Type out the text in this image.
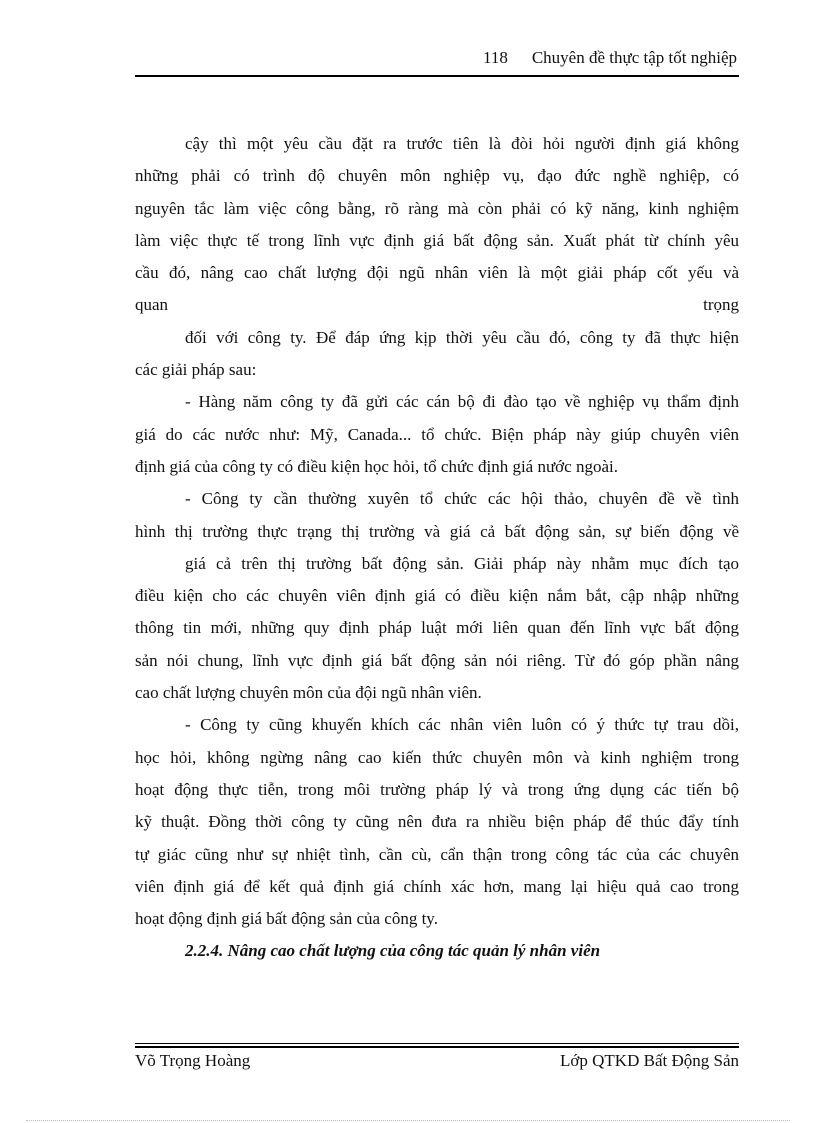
118 Chuyên đề thực tập tốt nghiệp
cậy thì một yêu cầu đặt ra trước tiên là đòi hỏi người định giá không
những phải có trình độ chuyên môn nghiệp vụ, đạo đức nghề nghiệp, có
nguyên tắc làm việc công bằng, rõ ràng mà còn phải có kỹ năng, kinh nghiệm
làm việc thực tế trong lĩnh vực định giá bất động sản. Xuất phát từ chính yêu
cầu đó, nâng cao chất lượng đội ngũ nhân viên là một giải pháp cốt yếu và
quan trọng
đối với công ty. Để đáp ứng kịp thời yêu cầu đó, công ty đã thực hiện
các giải pháp sau:
- Hàng năm công ty đã gửi các cán bộ đi đào tạo về nghiệp vụ thẩm định
giá do các nước như: Mỹ, Canada... tổ chức. Biện pháp này giúp chuyên viên
định giá của công ty có điều kiện học hỏi, tổ chức định giá nước ngoài.
- Công ty cần thường xuyên tổ chức các hội thảo, chuyên đề về tình
hình thị trường thực trạng thị trường và giá cả bất động sản, sự biến động về
giá cả trên thị trường bất động sản. Giải pháp này nhằm mục đích tạo
điều kiện cho các chuyên viên định giá có điều kiện nắm bắt, cập nhập những
thông tin mới, những quy định pháp luật mới liên quan đến lĩnh vực bất động
sản nói chung, lĩnh vực định giá bất động sản nói riêng. Từ đó góp phần nâng
cao chất lượng chuyên môn của đội ngũ nhân viên.
- Công ty cũng khuyến khích các nhân viên luôn có ý thức tự trau dồi,
học hỏi, không ngừng nâng cao kiến thức chuyên môn và kinh nghiệm trong
hoạt động thực tiễn, trong môi trường pháp lý và trong ứng dụng các tiến bộ
kỹ thuật. Đồng thời công ty cũng nên đưa ra nhiều biện pháp để thúc đẩy tính
tự giác cũng như sự nhiệt tình, cần cù, cẩn thận trong công tác của các chuyên
viên định giá để kết quả định giá chính xác hơn, mang lại hiệu quả cao trong
hoạt động định giá bất động sản của công ty.
2.2.4. Nâng cao chất lượng của công tác quản lý nhân viên
Võ Trọng Hoàng	Lớp QTKD Bất Động Sản
